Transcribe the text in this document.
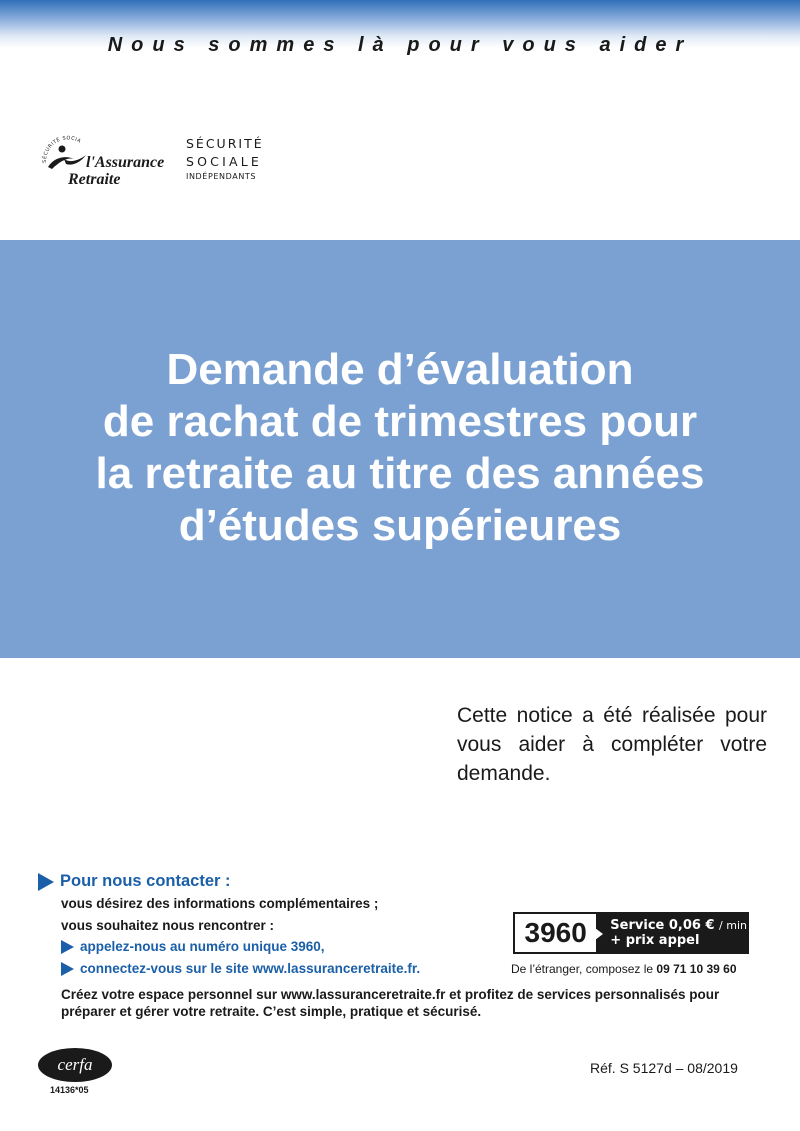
Nous sommes là pour vous aider
SÉCURITÉ SOCIA
l'Assurance
Retraite
SÉCURITÉ
SOCIALE
INDÉPENDANTS
Demande d’évaluation
de rachat de trimestres pour
la retraite au titre des années
d’études supérieures

Cette notice a été réalisée pour vous aider à compléter votre demande.

Pour nous contacter :
vous désirez des informations complémentaires ;
vous souhaitez nous rencontrer :
appelez-nous au numéro unique 3960,
connectez-vous sur le site www.lassuranceretraite.fr.
3960	Service 0,06 € / min
+ prix appel
De l’étranger, composez le 09 71 10 39 60

Créez votre espace personnel sur www.lassuranceretraite.fr et profitez de services personnalisés pour préparer et gérer votre retraite. C’est simple, pratique et sécurisé.

cerfa
14136*05
Réf. S 5127d – 08/2019
